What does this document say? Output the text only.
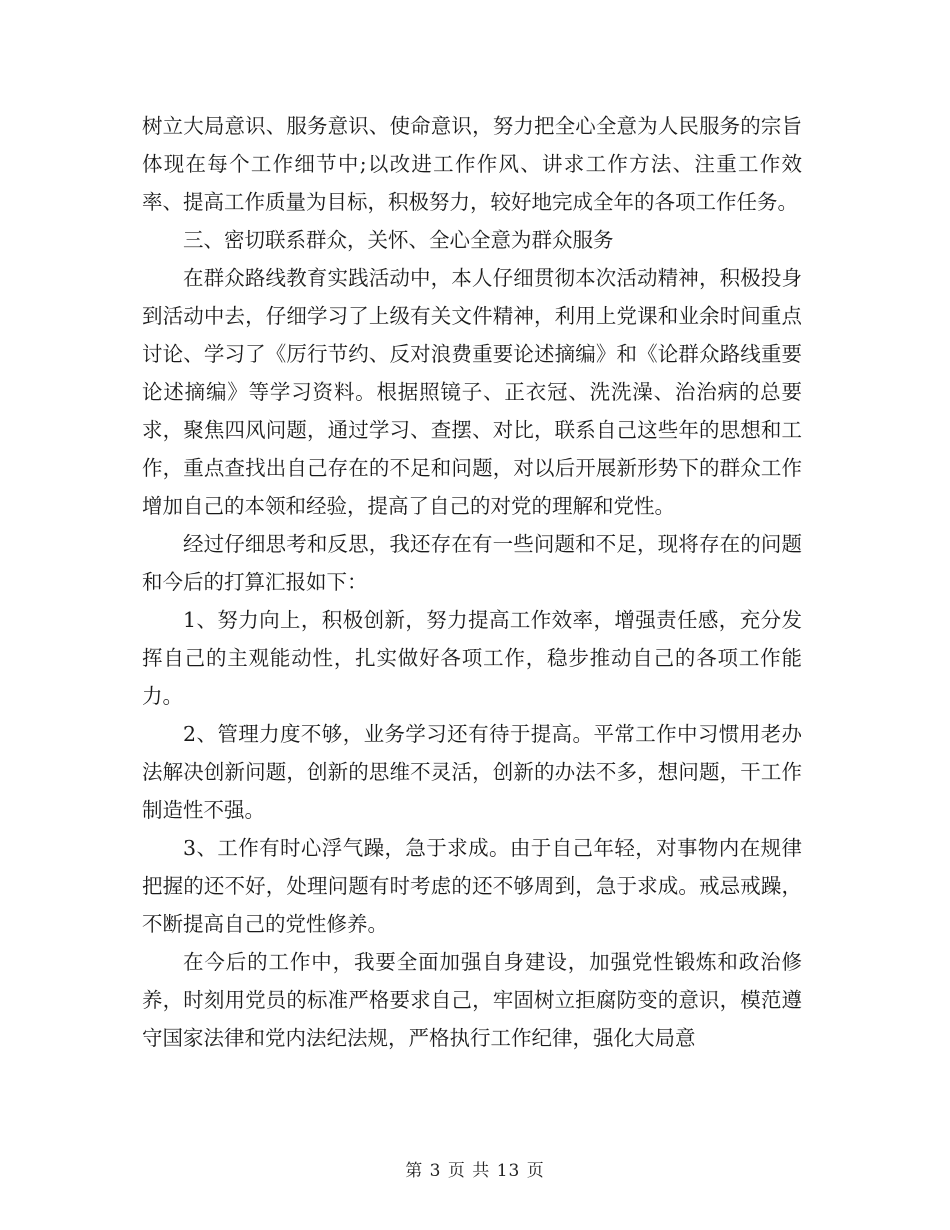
树立大局意识、服务意识、使命意识，努力把全心全意为人民服务的宗旨体现在每个工作细节中;以改进工作作风、讲求工作方法、注重工作效率、提高工作质量为目标，积极努力，较好地完成全年的各项工作任务。

三、密切联系群众，关怀、全心全意为群众服务

在群众路线教育实践活动中，本人仔细贯彻本次活动精神，积极投身到活动中去，仔细学习了上级有关文件精神，利用上党课和业余时间重点讨论、学习了《厉行节约、反对浪费重要论述摘编》和《论群众路线重要论述摘编》等学习资料。根据照镜子、正衣冠、洗洗澡、治治病的总要求，聚焦四风问题，通过学习、查摆、对比，联系自己这些年的思想和工作，重点查找出自己存在的不足和问题，对以后开展新形势下的群众工作增加自己的本领和经验，提高了自己的对党的理解和党性。

经过仔细思考和反思，我还存在有一些问题和不足，现将存在的问题和今后的打算汇报如下：

1、努力向上，积极创新，努力提高工作效率，增强责任感，充分发挥自己的主观能动性，扎实做好各项工作，稳步推动自己的各项工作能力。

2、管理力度不够，业务学习还有待于提高。平常工作中习惯用老办法解决创新问题，创新的思维不灵活，创新的办法不多，想问题，干工作制造性不强。

3、工作有时心浮气躁，急于求成。由于自己年轻，对事物内在规律把握的还不好，处理问题有时考虑的还不够周到，急于求成。戒忌戒躁，不断提高自己的党性修养。

在今后的工作中，我要全面加强自身建设，加强党性锻炼和政治修养，时刻用党员的标准严格要求自己，牢固树立拒腐防变的意识，模范遵守国家法律和党内法纪法规，严格执行工作纪律，强化大局意

第 3 页 共 13 页
